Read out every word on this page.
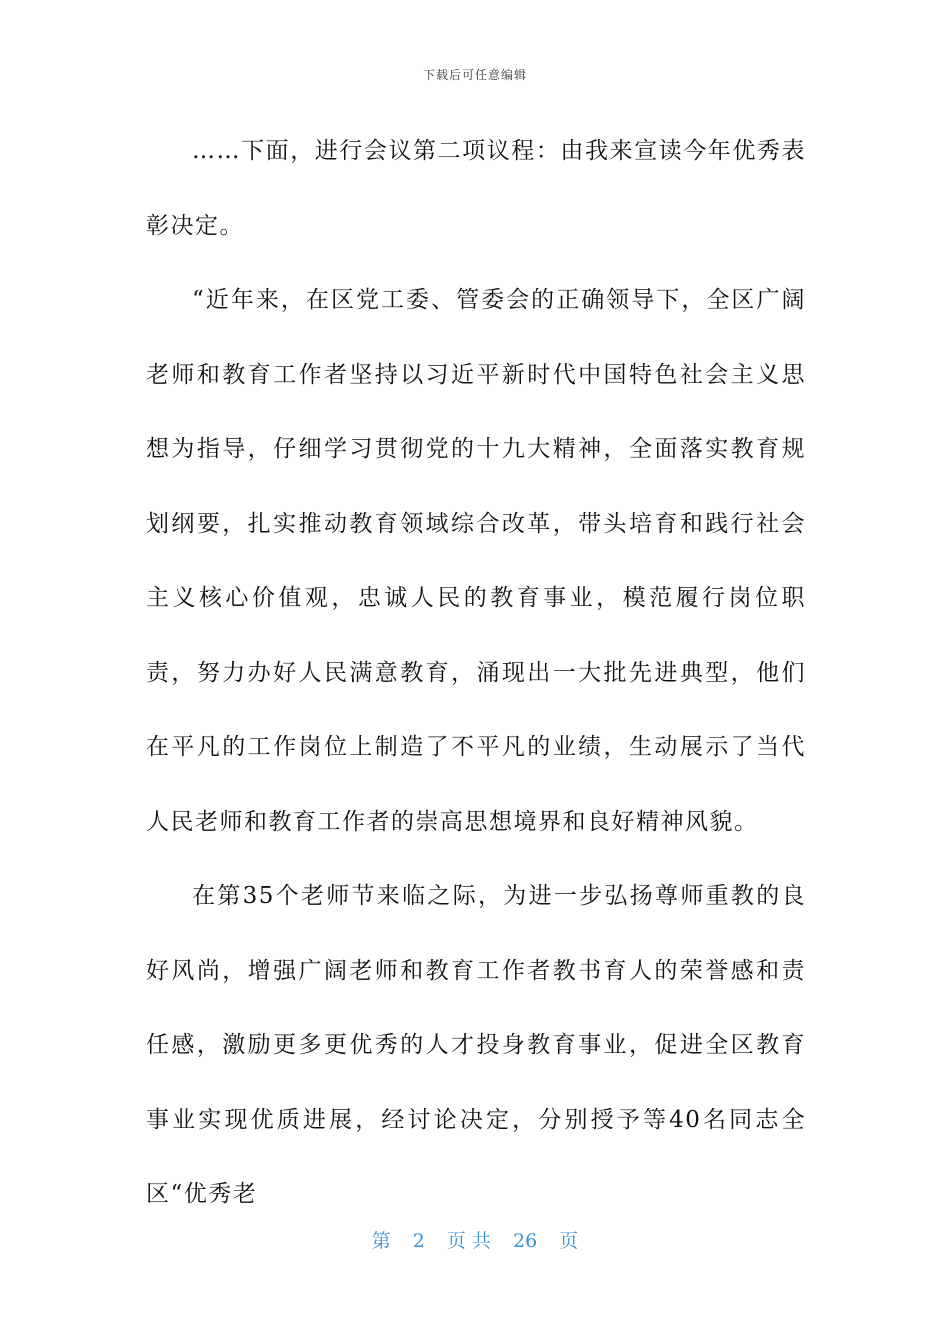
下载后可任意编辑

……下面，进行会议第二项议程：由我来宣读今年优秀表彰决定。

“近年来，在区党工委、管委会的正确领导下，全区广阔老师和教育工作者坚持以习近平新时代中国特色社会主义思想为指导，仔细学习贯彻党的十九大精神，全面落实教育规划纲要，扎实推动教育领域综合改革，带头培育和践行社会主义核心价值观，忠诚人民的教育事业，模范履行岗位职责，努力办好人民满意教育，涌现出一大批先进典型，他们在平凡的工作岗位上制造了不平凡的业绩，生动展示了当代人民老师和教育工作者的崇高思想境界和良好精神风貌。

在第35个老师节来临之际，为进一步弘扬尊师重教的良好风尚，增强广阔老师和教育工作者教书育人的荣誉感和责任感，激励更多更优秀的人才投身教育事业，促进全区教育事业实现优质进展，经讨论决定，分别授予等40名同志全区“优秀老

第 2 页 共 26 页
